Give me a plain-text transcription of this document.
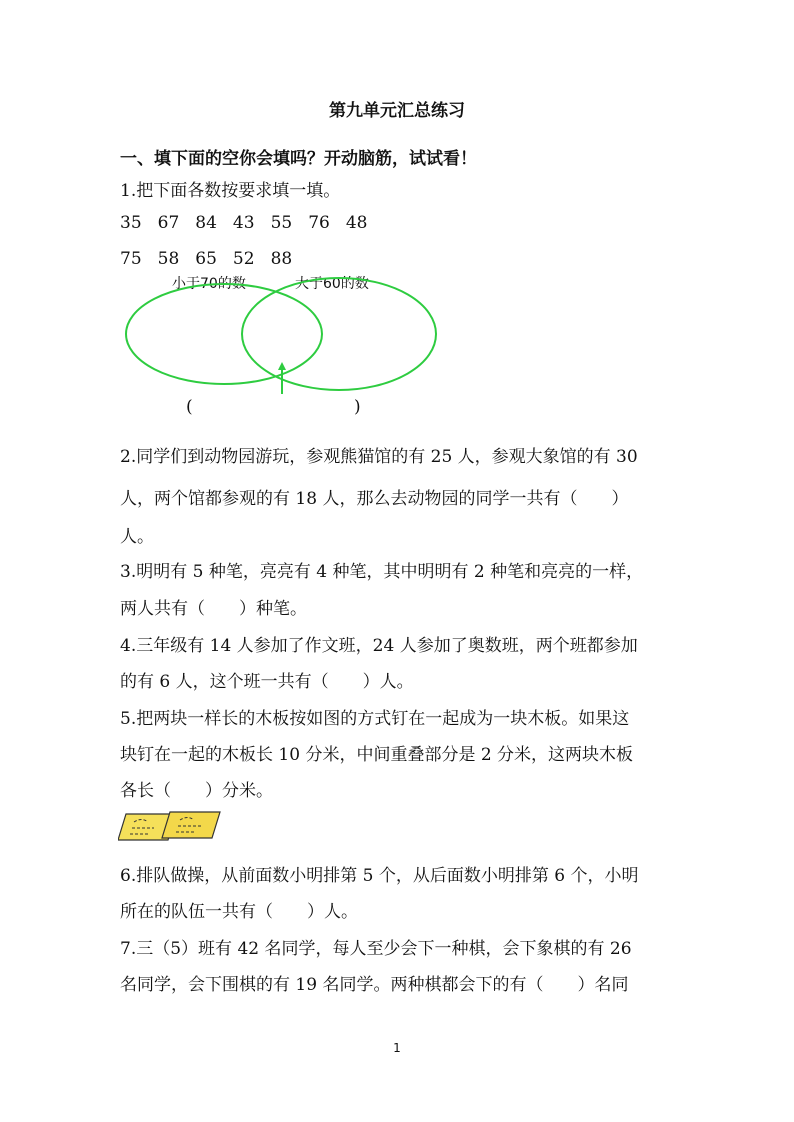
第九单元汇总练习
一、填下面的空你会填吗？开动脑筋，试试看！
1.把下面各数按要求填一填。
35 67 84 43 55 76 48
75 58 65 52 88
小于70的数	大于60的数
(	)
2.同学们到动物园游玩，参观熊猫馆的有 25 人，参观大象馆的有 30
人，两个馆都参观的有 18 人，那么去动物园的同学一共有（　　）
人。
3.明明有 5 种笔，亮亮有 4 种笔，其中明明有 2 种笔和亮亮的一样，
两人共有（　　）种笔。
4.三年级有 14 人参加了作文班，24 人参加了奥数班，两个班都参加
的有 6 人，这个班一共有（　　）人。
5.把两块一样长的木板按如图的方式钉在一起成为一块木板。如果这
块钉在一起的木板长 10 分米，中间重叠部分是 2 分米，这两块木板
各长（　　）分米。
6.排队做操，从前面数小明排第 5 个，从后面数小明排第 6 个，小明
所在的队伍一共有（　　）人。
7.三（5）班有 42 名同学，每人至少会下一种棋，会下象棋的有 26
名同学，会下围棋的有 19 名同学。两种棋都会下的有（　　）名同
1
